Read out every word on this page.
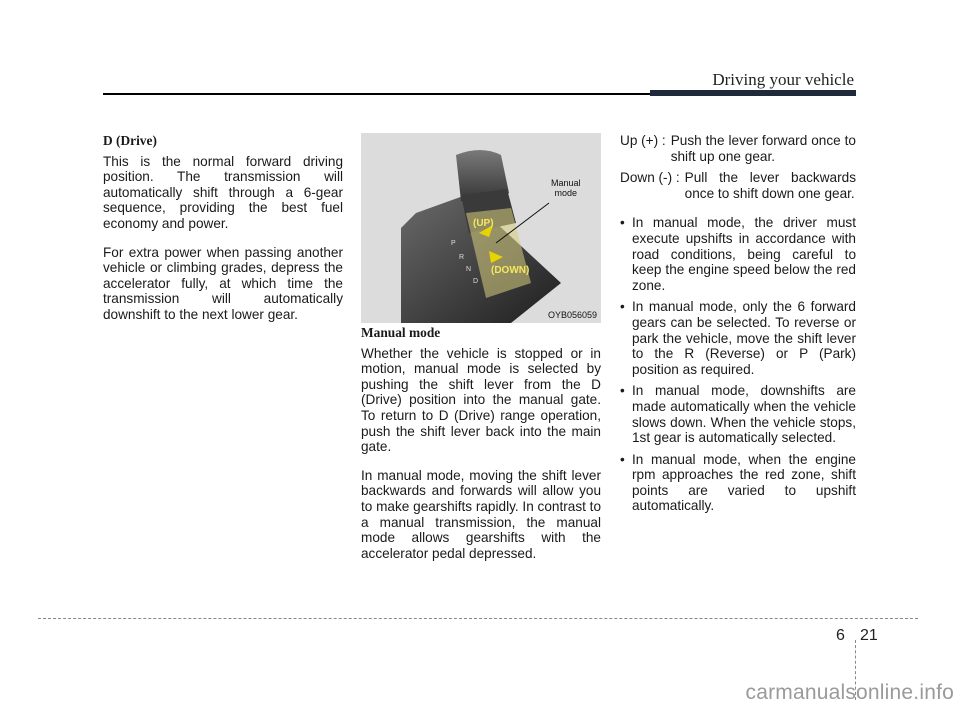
Driving your vehicle

D (Drive)

This is the normal forward driving position. The transmission will automatically shift through a 6-gear sequence, providing the best fuel economy and power.

For extra power when passing another vehicle or climbing grades, depress the accelerator fully, at which time the transmission will automatically downshift to the next lower gear.

(UP)
(DOWN)
P
R
N
D
Manual
mode
OYB056059

Manual mode

Whether the vehicle is stopped or in motion, manual mode is selected by pushing the shift lever from the D (Drive) position into the manual gate. To return to D (Drive) range operation, push the shift lever back into the main gate.

In manual mode, moving the shift lever backwards and forwards will allow you to make gearshifts rapidly. In contrast to a manual transmission, the manual mode allows gearshifts with the accelerator pedal depressed.

Up (+) : Push the lever forward once to shift up one gear.
Down (-) : Pull the lever backwards once to shift down one gear.
• In manual mode, the driver must execute upshifts in accordance with road conditions, being careful to keep the engine speed below the red zone.
• In manual mode, only the 6 forward gears can be selected. To reverse or park the vehicle, move the shift lever to the R (Reverse) or P (Park) position as required.
• In manual mode, downshifts are made automatically when the vehicle slows down. When the vehicle stops, 1st gear is automatically selected.
• In manual mode, when the engine rpm approaches the red zone, shift points are varied to upshift automatically.
6 21
carmanualsonline.info
